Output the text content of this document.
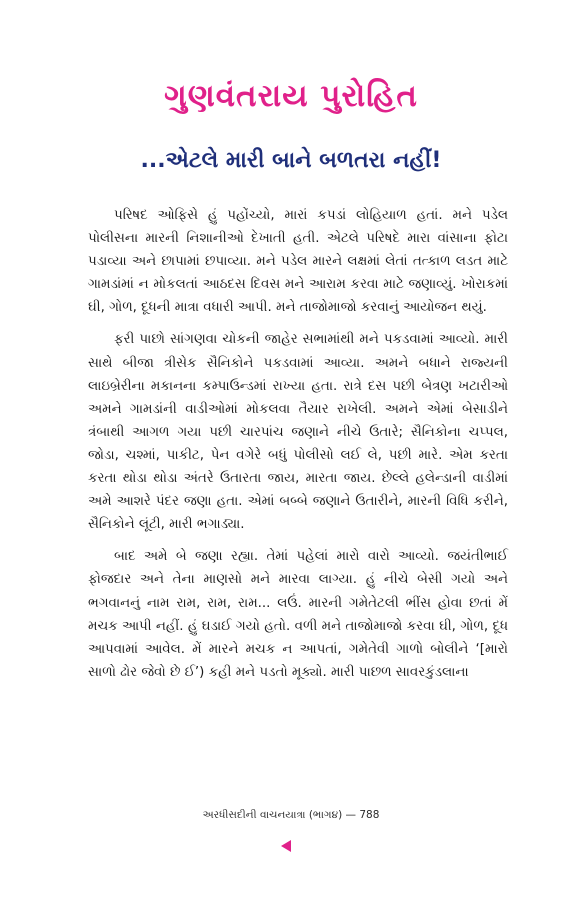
ગુણવંતરાય પુરોહિત
...એટલે મારી બાને બળતરા નહીં!

પરિષદ ઓફિસે હું પહોંચ્યો, મારાં કપડાં લોહિયાળ હતાં. મને પડેલ પોલીસના મારની નિશાનીઓ દેખાતી હતી. એટલે પરિષદે મારા વાંસાના ફોટા પડાવ્યા અને છાપામાં છપાવ્યા. મને પડેલ મારને લક્ષમાં લેતાં તત્કાળ લડત માટે ગામડાંમાં ન મોકલતાં આઠદસ દિવસ મને આરામ કરવા માટે જણાવ્યું. ખોરાકમાં ઘી, ગોળ, દૂધની માત્રા વધારી આપી. મને તાજોમાજો કરવાનું આયોજન થયું.

ફરી પાછો સાંગણવા ચોકની જાહેર સભામાંથી મને પકડવામાં આવ્યો. મારી સાથે બીજા ત્રીસેક સૈનિકોને પકડવામાં આવ્યા. અમને બધાને રાજ્યની લાઇબ્રેરીના મકાનના કમ્પાઉન્ડમાં રાખ્યા હતા. રાત્રે દસ પછી બેત્રણ ખટારીઓ અમને ગામડાંની વાડીઓમાં મોકલવા તૈયાર રાખેલી. અમને એમાં બેસાડીને ત્રંબાથી આગળ ગયા પછી ચારપાંચ જણાને નીચે ઉતારે; સૈનિકોના ચપ્પલ, જોડા, ચશ્માં, પાકીટ, પેન વગેરે બધું પોલીસો લઈ લે, પછી મારે. એમ કરતા કરતા થોડા થોડા અંતરે ઉતારતા જાય, મારતા જાય. છેલ્લે હલેન્ડાની વાડીમાં અમે આશરે પંદર જણા હતા. એમાં બબ્બે જણાને ઉતારીને, મારની વિધિ કરીને, સૈનિકોને લૂંટી, મારી ભગાડ્યા.

બાદ અમે બે જણા રહ્યા. તેમાં પહેલાં મારો વારો આવ્યો. જયંતીભાઈ ફોજદાર અને તેના માણસો મને મારવા લાગ્યા. હું નીચે બેસી ગયો અને ભગવાનનું નામ રામ, રામ, રામ... લઉં. મારની ગમેતેટલી ભીંસ હોવા છતાં મેં મચક આપી નહીં. હું ઘડાઈ ગયો હતો. વળી મને તાજોમાજો કરવા ઘી, ગોળ, દૂધ આપવામાં આવેલ. મેં મારને મચક ન આપતાં, ગમેતેવી ગાળો બોલીને ‘[મારો સાળો ઢોર જેવો છે ઈ’) કહી મને પડતો મૂક્યો. મારી પાછળ સાવરકુંડલાના

અરધીસદીની વાચનયાત્રા (ભાગ૪) — 788
